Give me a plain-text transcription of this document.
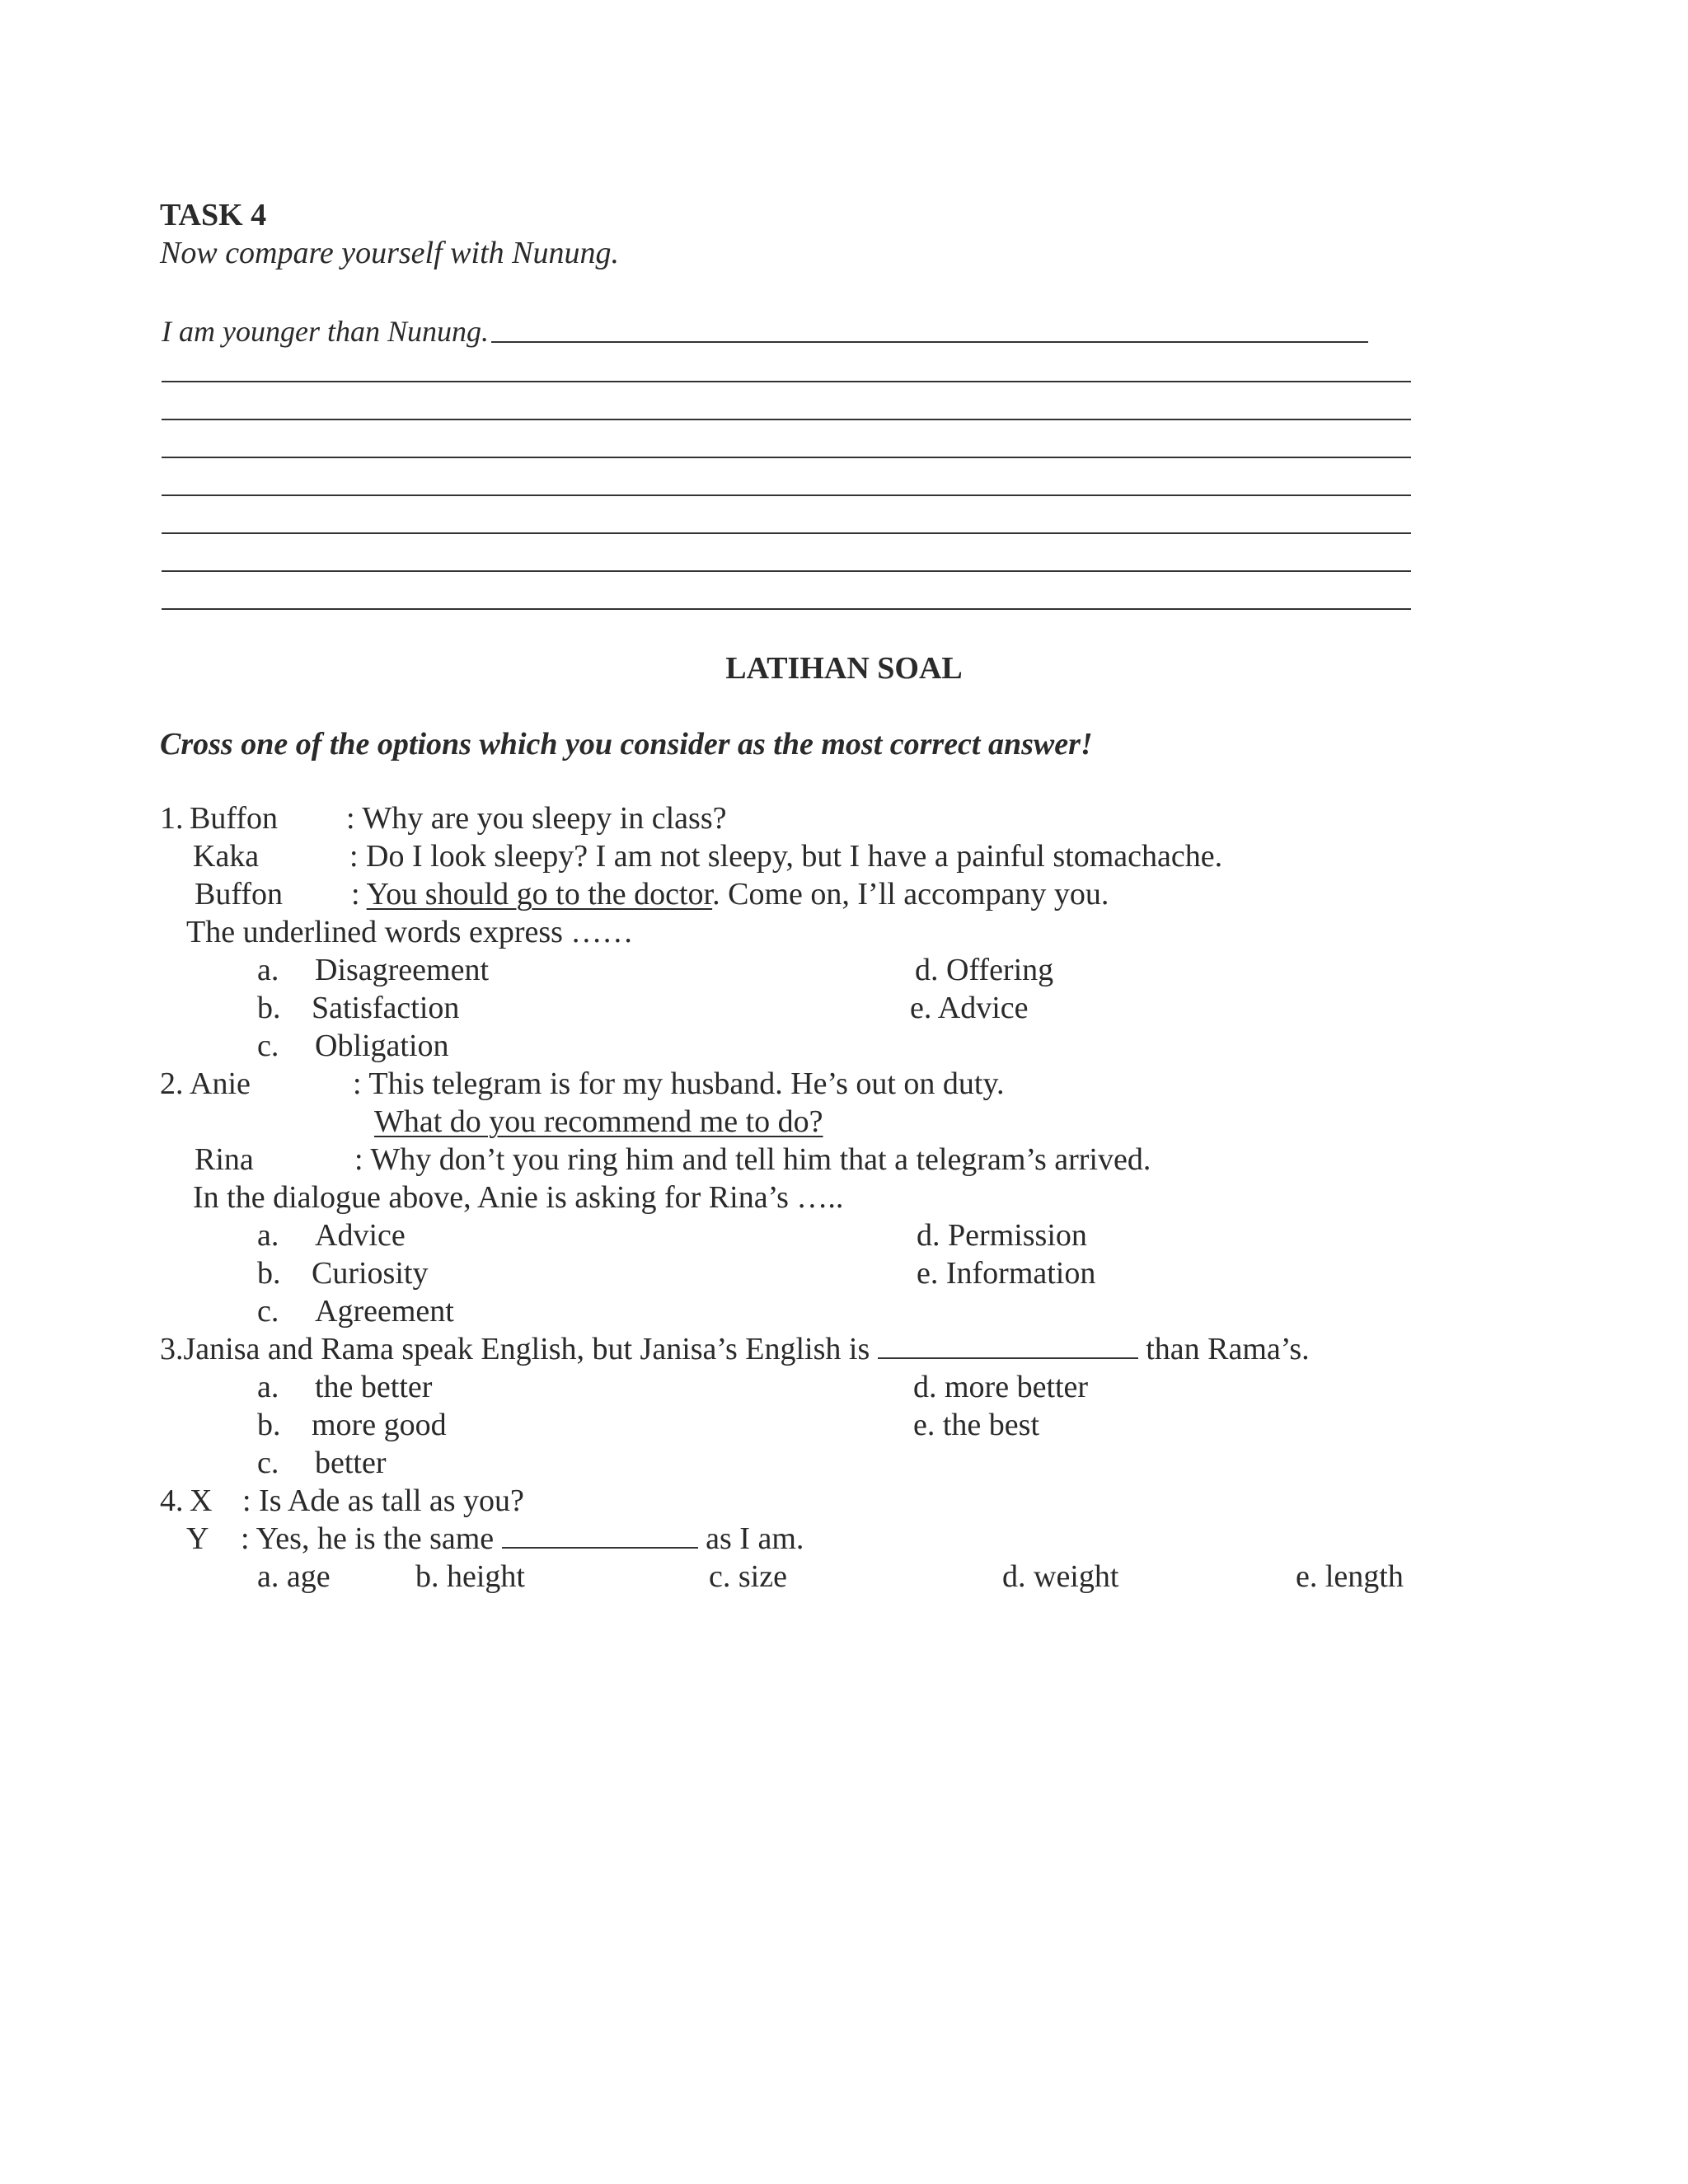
TASK 4
Now compare yourself with Nunung.
I am younger than Nunung.
LATIHAN SOAL
Cross one of the options which you consider as the most correct answer!
1. Buffon : Why are you sleepy in class?
Kaka	: Do I look sleepy? I am not sleepy, but I have a painful stomachache.
Buffon : You should go to the doctor. Come on, I’ll accompany you.
The underlined words express ……
a. Disagreement	d. Offering
b. Satisfaction	e. Advice
c. Obligation
2. Anie	: This telegram is for my husband. He’s out on duty.
What do you recommend me to do?
Rina	: Why don’t you ring him and tell him that a telegram’s arrived.
In the dialogue above, Anie is asking for Rina’s …..
a. Advice	d. Permission
b. Curiosity	e. Information
c. Agreement
3.Janisa and Rama speak English, but Janisa’s English is	than Rama’s.
a. the better	d. more better
b. more good	e. the best
c. better
4. X : Is Ade as tall as you?
Y : Yes, he is the same	as I am.
a. age	b. height	c. size	d. weight	e. length
